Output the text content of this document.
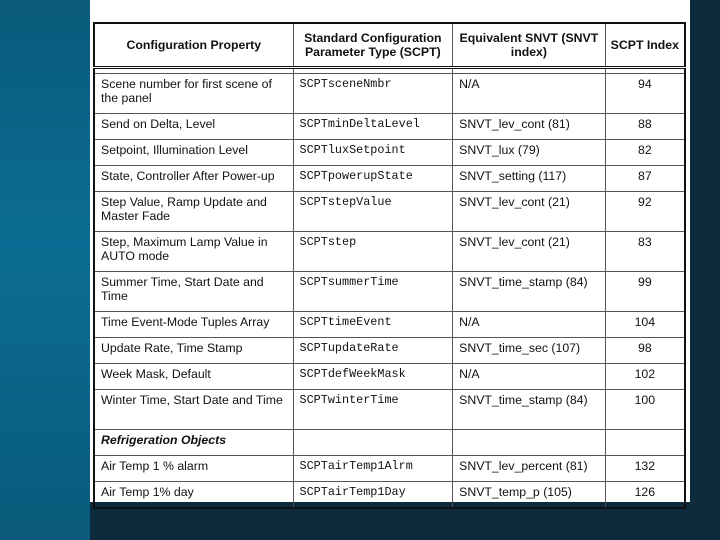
Configuration Property	Standard Configuration Parameter Type (SCPT)	Equivalent SNVT (SNVT index)	SCPT Index

Scene number for first scene of the panel	SCPTsceneNmbr	N/A	94
Send on Delta, Level	SCPTminDeltaLevel	SNVT_lev_cont (81)	88
Setpoint, Illumination Level	SCPTluxSetpoint	SNVT_lux (79)	82
State, Controller After Power-up	SCPTpowerupState	SNVT_setting (117)	87
Step Value, Ramp Update and Master Fade	SCPTstepValue	SNVT_lev_cont (21)	92
Step, Maximum Lamp Value in AUTO mode	SCPTstep	SNVT_lev_cont (21)	83
Summer Time, Start Date and Time	SCPTsummerTime	SNVT_time_stamp (84)	99
Time Event-Mode Tuples Array	SCPTtimeEvent	N/A	104
Update Rate, Time Stamp	SCPTupdateRate	SNVT_time_sec (107)	98
Week Mask, Default	SCPTdefWeekMask	N/A	102
Winter Time, Start Date and Time	SCPTwinterTime	SNVT_time_stamp (84)	100
Refrigeration Objects			
Air Temp 1 % alarm	SCPTairTemp1Alrm	SNVT_lev_percent (81)	132
Air Temp 1% day	SCPTairTemp1Day	SNVT_temp_p (105)	126
